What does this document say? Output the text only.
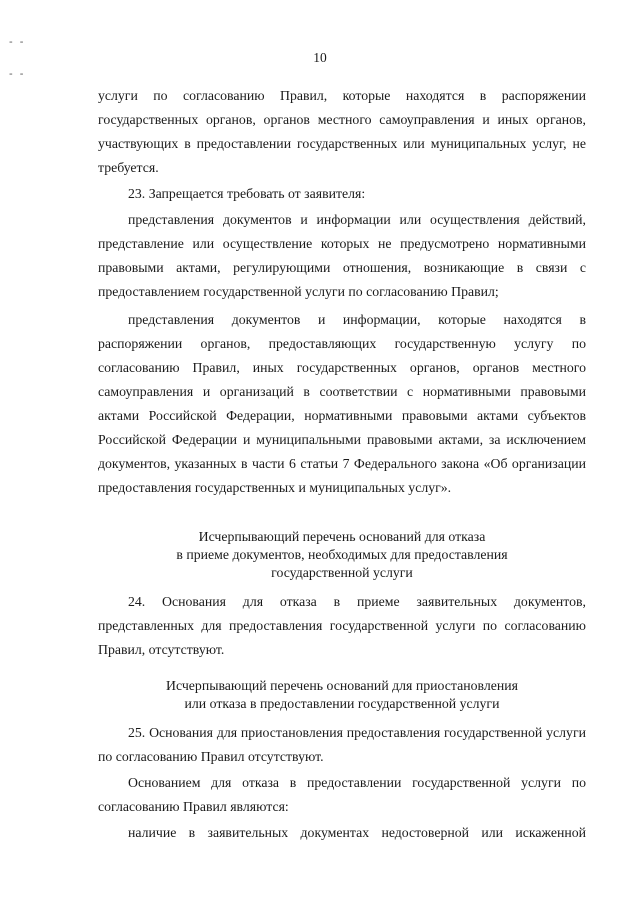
- -
- -
10

услуги по согласованию Правил, которые находятся в распоряжении государственных органов, органов местного самоуправления и иных органов, участвующих в предоставлении государственных или муниципальных услуг, не требуется.

23. Запрещается требовать от заявителя:

представления документов и информации или осуществления действий, представление или осуществление которых не предусмотрено нормативными правовыми актами, регулирующими отношения, возникающие в связи с предоставлением государственной услуги по согласованию Правил;

представления документов и информации, которые находятся в распоряжении органов, предоставляющих государственную услугу по согласованию Правил, иных государственных органов, органов местного самоуправления и организаций в соответствии с нормативными правовыми актами Российской Федерации, нормативными правовыми актами субъектов Российской Федерации и муниципальными правовыми актами, за исключением документов, указанных в части 6 статьи 7 Федерального закона «Об организации предоставления государственных и муниципальных услуг».

Исчерпывающий перечень оснований для отказа
в приеме документов, необходимых для предоставления
государственной услуги

24. Основания для отказа в приеме заявительных документов, представленных для предоставления государственной услуги по согласованию Правил, отсутствуют.

Исчерпывающий перечень оснований для приостановления
или отказа в предоставлении государственной услуги

25. Основания для приостановления предоставления государственной услуги по согласованию Правил отсутствуют.

Основанием для отказа в предоставлении государственной услуги по согласованию Правил являются:

наличие в заявительных документах недостоверной или искаженной
